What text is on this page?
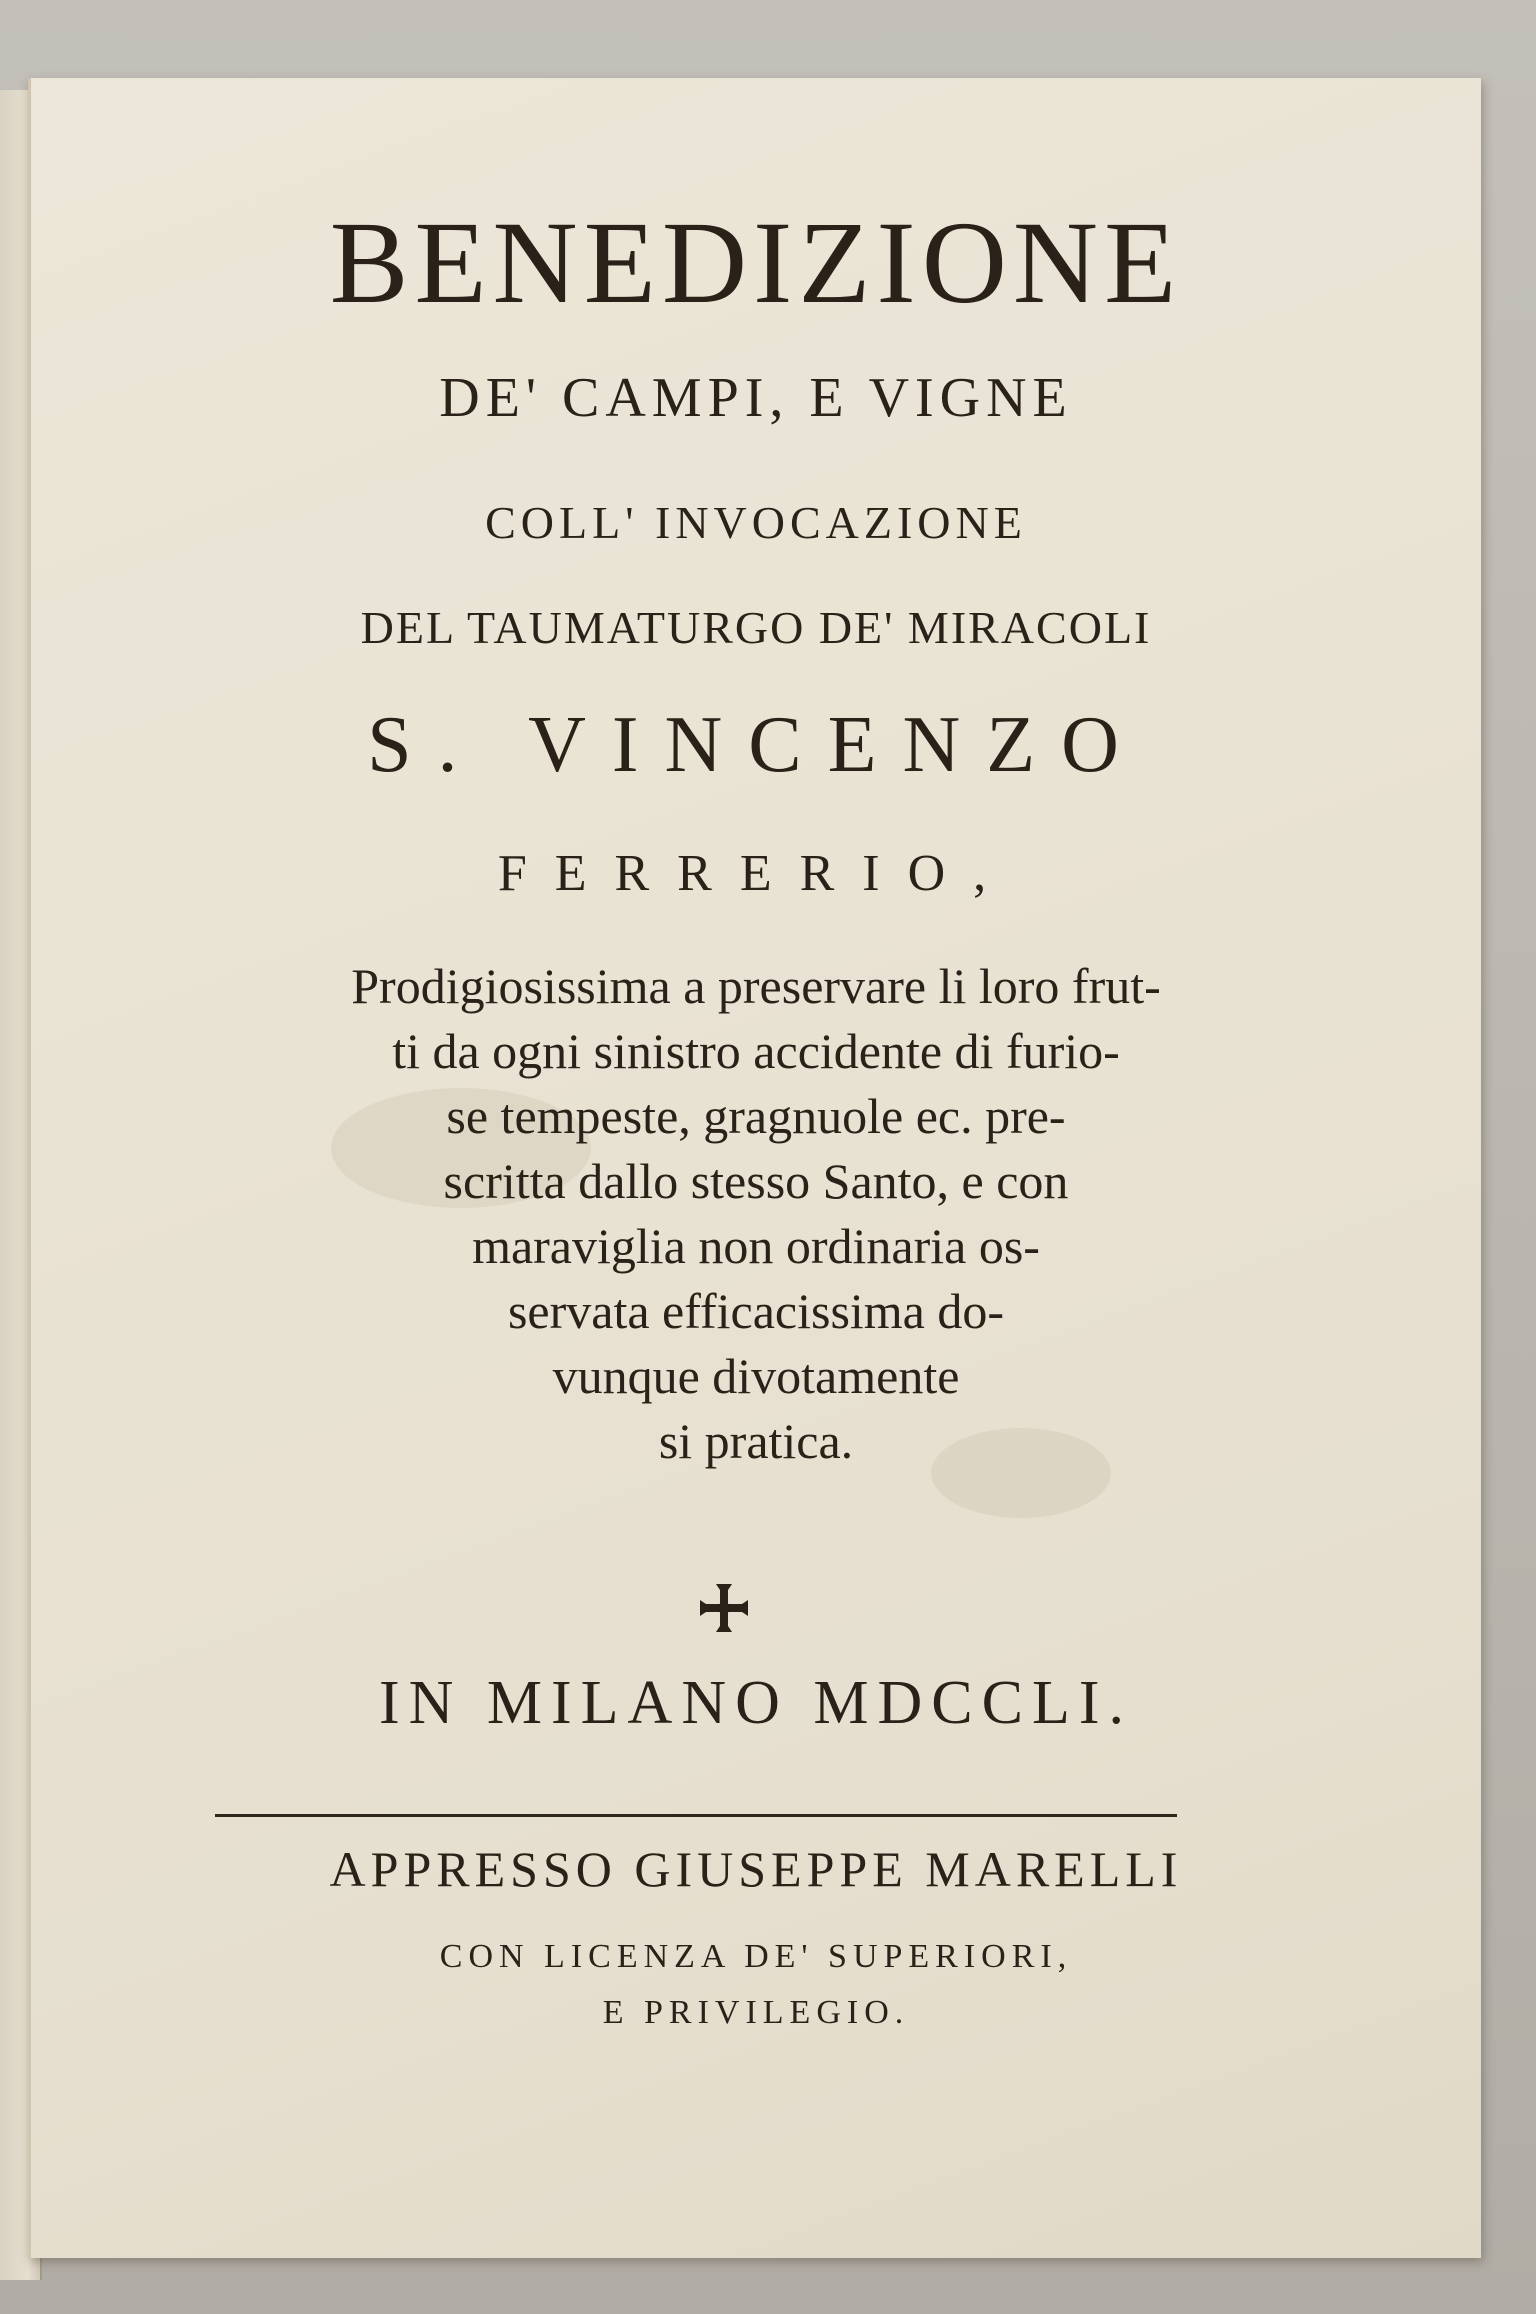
BENEDIZIONE
DE' CAMPI, E VIGNE
COLL' INVOCAZIONE
DEL TAUMATURGO DE' MIRACOLI
S. VINCENZO
FERRERIO,
Prodigiosissima a preservare li loro frut-
ti da ogni sinistro accidente di furio-
se tempeste, gragnuole ec. pre-
scritta dallo stesso Santo, e con
maraviglia non ordinaria os-
servata efficacissima do-
vunque divotamente
si pratica.
IN MILANO MDCCLI.
APPRESSO GIUSEPPE MARELLI
CON LICENZA DE' SUPERIORI,
E PRIVILEGIO.
